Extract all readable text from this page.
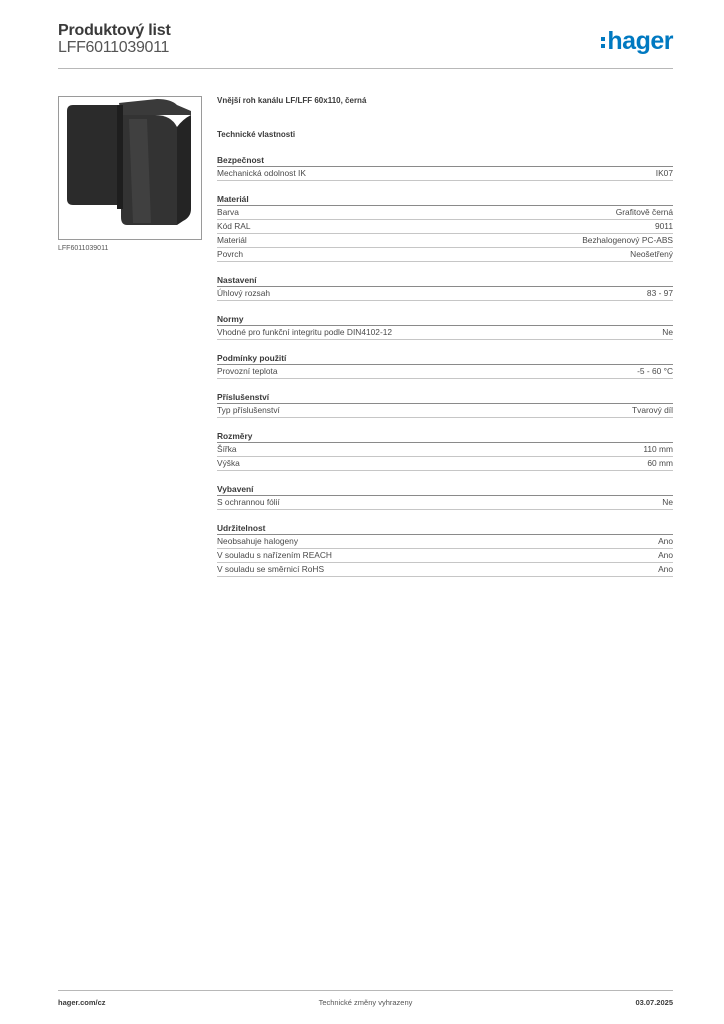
Produktový list
LFF6011039011	hager
LFF6011039011
Vnější roh kanálu LF/LFF 60x110, černá
Technické vlastnosti
Bezpečnost
Mechanická odolnost IK	IK07
Materiál
Barva	Grafitově černá
Kód RAL	9011
Materiál	Bezhalogenový PC-ABS
Povrch	Neošetřený
Nastavení
Úhlový rozsah	83 - 97
Normy
Vhodné pro funkční integritu podle DIN4102-12	Ne
Podmínky použití
Provozní teplota	-5 - 60 °C
Příslušenství
Typ příslušenství	Tvarový díl
Rozměry
Šířka	110 mm
Výška	60 mm
Vybavení
S ochrannou fólií	Ne
Udržitelnost
Neobsahuje halogeny	Ano
V souladu s nařízením REACH	Ano
V souladu se směrnicí RoHS	Ano
Technické změny vyhrazeny
hager.com/cz	03.07.2025
